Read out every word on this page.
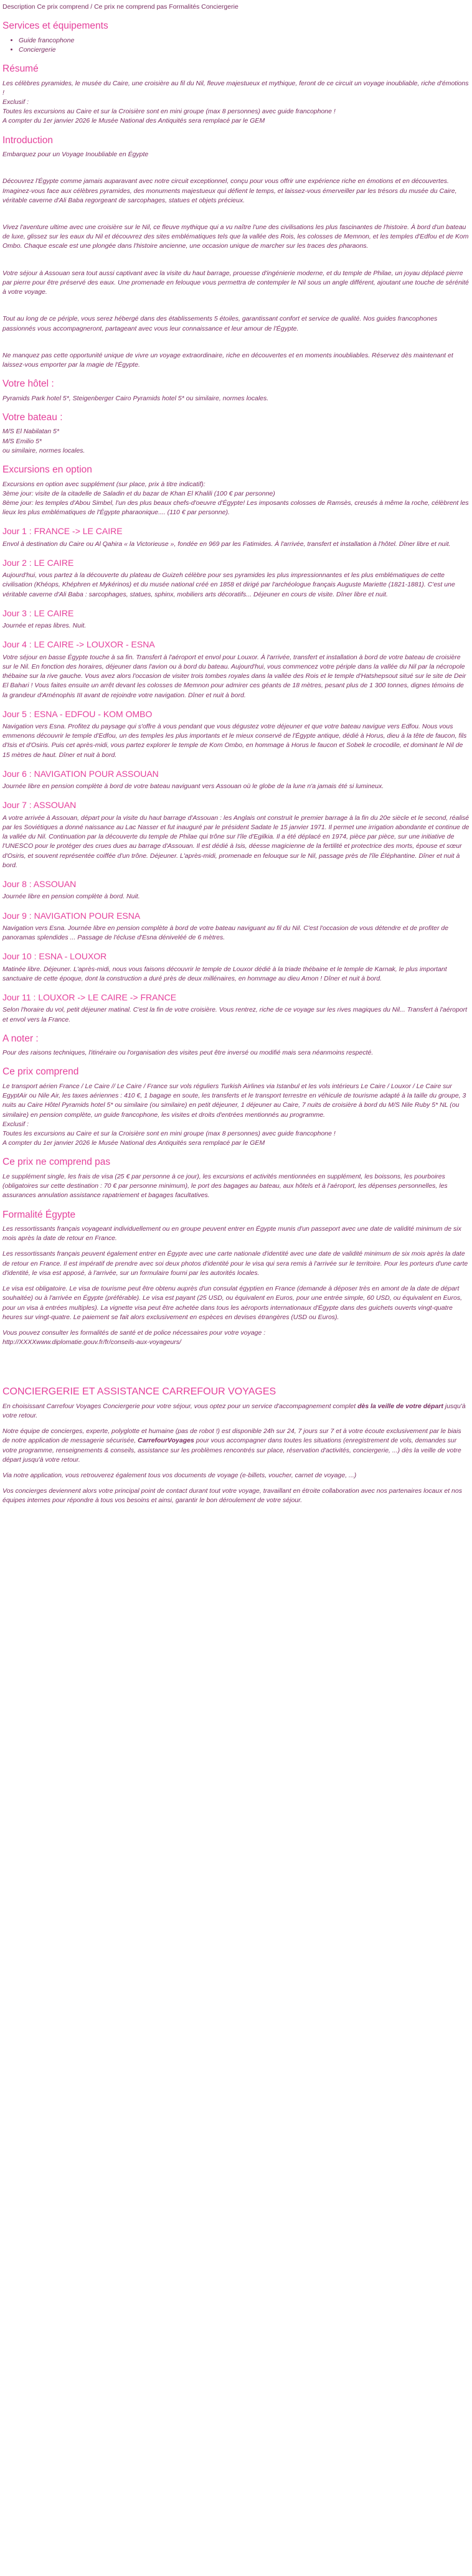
Description Ce prix comprend / Ce prix ne comprend pas Formalités Conciergerie
Services et équipements
• Guide francophone
• Conciergerie
Résumé

Les célèbres pyramides, le musée du Caire, une croisière au fil du Nil, fleuve majestueux et mythique, feront de ce circuit un voyage inoubliable, riche d'émotions !
Exclusif :
Toutes les excursions au Caire et sur la Croisière sont en mini groupe (max 8 personnes) avec guide francophone !
A compter du 1er janvier 2026 le Musée National des Antiquités sera remplacé par le GEM

Introduction

Embarquez pour un Voyage Inoubliable en Égypte

Découvrez l'Égypte comme jamais auparavant avec notre circuit exceptionnel, conçu pour vous offrir une expérience riche en émotions et en découvertes. Imaginez-vous face aux célèbres pyramides, des monuments majestueux qui défient le temps, et laissez-vous émerveiller par les trésors du musée du Caire, véritable caverne d'Ali Baba regorgeant de sarcophages, statues et objets précieux.

Vivez l'aventure ultime avec une croisière sur le Nil, ce fleuve mythique qui a vu naître l'une des civilisations les plus fascinantes de l'histoire. À bord d'un bateau de luxe, glissez sur les eaux du Nil et découvrez des sites emblématiques tels que la vallée des Rois, les colosses de Memnon, et les temples d'Edfou et de Kom Ombo. Chaque escale est une plongée dans l'histoire ancienne, une occasion unique de marcher sur les traces des pharaons.

Votre séjour à Assouan sera tout aussi captivant avec la visite du haut barrage, prouesse d'ingénierie moderne, et du temple de Philae, un joyau déplacé pierre par pierre pour être préservé des eaux. Une promenade en felouque vous permettra de contempler le Nil sous un angle différent, ajoutant une touche de sérénité à votre voyage.

Tout au long de ce périple, vous serez hébergé dans des établissements 5 étoiles, garantissant confort et service de qualité. Nos guides francophones passionnés vous accompagneront, partageant avec vous leur connaissance et leur amour de l'Égypte.

Ne manquez pas cette opportunité unique de vivre un voyage extraordinaire, riche en découvertes et en moments inoubliables. Réservez dès maintenant et laissez-vous emporter par la magie de l'Égypte.

Votre hôtel :

Pyramids Park hotel 5*, Steigenberger Cairo Pyramids hotel 5* ou similaire, normes locales.

Votre bateau :

M/S El Nabilatan 5*
M/S Emilio 5*
ou similaire, normes locales.

Excursions en option

Excursions en option avec supplément (sur place, prix à titre indicatif):
3ème jour: visite de la citadelle de Saladin et du bazar de Khan El Khalili (100 € par personne)
8ème jour: les temples d'Abou Simbel, l'un des plus beaux chefs-d'oeuvre d'Égypte! Les imposants colosses de Ramsès, creusés à même la roche, célèbrent les lieux les plus emblématiques de l'Égypte pharaonique.... (110 € par personne).

Jour 1 : FRANCE -> LE CAIRE

Envol à destination du Caire ou Al Qahira « la Victorieuse », fondée en 969 par les Fatimides. À l'arrivée, transfert et installation à l'hôtel. Dîner libre et nuit.

Jour 2 : LE CAIRE

Aujourd'hui, vous partez à la découverte du plateau de Guizeh célèbre pour ses pyramides les plus impressionnantes et les plus emblématiques de cette civilisation (Khéops, Khéphren et Mykérinos) et du musée national créé en 1858 et dirigé par l'archéologue français Auguste Mariette (1821-1881). C'est une véritable caverne d'Ali Baba : sarcophages, statues, sphinx, mobiliers arts décoratifs... Déjeuner en cours de visite. Dîner libre et nuit.

Jour 3 : LE CAIRE

Journée et repas libres. Nuit.

Jour 4 : LE CAIRE -> LOUXOR - ESNA

Votre séjour en basse Égypte touche à sa fin. Transfert à l'aéroport et envol pour Louxor. À l'arrivée, transfert et installation à bord de votre bateau de croisière sur le Nil. En fonction des horaires, déjeuner dans l'avion ou à bord du bateau. Aujourd'hui, vous commencez votre périple dans la vallée du Nil par la nécropole thébaine sur la rive gauche. Vous avez alors l'occasion de visiter trois tombes royales dans la vallée des Rois et le temple d'Hatshepsout situé sur le site de Deir El Bahari ! Vous faites ensuite un arrêt devant les colosses de Memnon pour admirer ces géants de 18 mètres, pesant plus de 1 300 tonnes, dignes témoins de la grandeur d'Aménophis III avant de rejoindre votre navigation. Dîner et nuit à bord.

Jour 5 : ESNA - EDFOU - KOM OMBO

Navigation vers Esna. Profitez du paysage qui s'offre à vous pendant que vous dégustez votre déjeuner et que votre bateau navigue vers Edfou. Nous vous emmenons découvrir le temple d'Edfou, un des temples les plus importants et le mieux conservé de l'Égypte antique, dédié à Horus, dieu à la tête de faucon, fils d'Isis et d'Osiris. Puis cet après-midi, vous partez explorer le temple de Kom Ombo, en hommage à Horus le faucon et Sobek le crocodile, et dominant le Nil de 15 mètres de haut. Dîner et nuit à bord.

Jour 6 : NAVIGATION POUR ASSOUAN

Journée libre en pension complète à bord de votre bateau naviguant vers Assouan où le globe de la lune n'a jamais été si lumineux.

Jour 7 : ASSOUAN

A votre arrivée à Assouan, départ pour la visite du haut barrage d'Assouan : les Anglais ont construit le premier barrage à la fin du 20e siècle et le second, réalisé par les Soviétiques a donné naissance au Lac Nasser et fut inauguré par le président Sadate le 15 janvier 1971. Il permet une irrigation abondante et continue de la vallée du Nil. Continuation par la découverte du temple de Philae qui trône sur l'île d'Egilkia. Il a été déplacé en 1974, pièce par pièce, sur une initiative de l'UNESCO pour le protéger des crues dues au barrage d'Assouan. Il est dédié à Isis, déesse magicienne de la fertilité et protectrice des morts, épouse et sœur d'Osiris, et souvent représentée coiffée d'un trône. Déjeuner. L'après-midi, promenade en felouque sur le Nil, passage près de l'île Éléphantine. Dîner et nuit à bord.

Jour 8 : ASSOUAN

Journée libre en pension complète à bord. Nuit.

Jour 9 : NAVIGATION POUR ESNA

Navigation vers Esna. Journée libre en pension complète à bord de votre bateau naviguant au fil du Nil. C'est l'occasion de vous détendre et de profiter de panoramas splendides ... Passage de l'écluse d'Esna déniveléé de 6 mètres.

Jour 10 : ESNA - LOUXOR

Matinée libre. Déjeuner. L'après-midi, nous vous faisons découvrir le temple de Louxor dédié à la triade thébaine et le temple de Karnak, le plus important sanctuaire de cette époque, dont la construction a duré près de deux millénaires, en hommage au dieu Amon ! Dîner et nuit à bord.

Jour 11 : LOUXOR -> LE CAIRE -> FRANCE

Selon l'horaire du vol, petit déjeuner matinal. C'est la fin de votre croisière. Vous rentrez, riche de ce voyage sur les rives magiques du Nil... Transfert à l'aéroport et envol vers la France.

A noter :

Pour des raisons techniques, l'itinéraire ou l'organisation des visites peut être inversé ou modifié mais sera néanmoins respecté.

Ce prix comprend

Le transport aérien France / Le Caire // Le Caire / France sur vols réguliers Turkish Airlines via Istanbul et les vols intérieurs Le Caire / Louxor / Le Caire sur EgyptAir ou Nile Air, les taxes aériennes : 410 €, 1 bagage en soute, les transferts et le transport terrestre en véhicule de tourisme adapté à la taille du groupe, 3 nuits au Caire Hôtel Pyramids hotel 5* ou similaire (ou similaire) en petit déjeuner, 1 déjeuner au Caire, 7 nuits de croisière à bord du M/S Nile Ruby 5* NL (ou similaire) en pension complète, un guide francophone, les visites et droits d'entrées mentionnés au programme.
Exclusif :
Toutes les excursions au Caire et sur la Croisière sont en mini groupe (max 8 personnes) avec guide francophone !
A compter du 1er janvier 2026 le Musée National des Antiquités sera remplacé par le GEM

Ce prix ne comprend pas

Le supplément single, les frais de visa (25 € par personne à ce jour), les excursions et activités mentionnées en supplément, les boissons, les pourboires (obligatoires sur cette destination : 70 € par personne minimum), le port des bagages au bateau, aux hôtels et à l'aéroport, les dépenses personnelles, les assurances annulation assistance rapatriement et bagages facultatives.

Formalité Égypte

Les ressortissants français voyageant individuellement ou en groupe peuvent entrer en Égypte munis d'un passeport avec une date de validité minimum de six mois après la date de retour en France.

Les ressortissants français peuvent également entrer en Égypte avec une carte nationale d'identité avec une date de validité minimum de six mois après la date de retour en France. Il est impératif de prendre avec soi deux photos d'identité pour le visa qui sera remis à l'arrivée sur le territoire. Pour les porteurs d'une carte d'identité, le visa est apposé, à l'arrivée, sur un formulaire fourni par les autorités locales.

Le visa est obligatoire. Le visa de tourisme peut être obtenu auprès d'un consulat égyptien en France (demande à déposer très en amont de la date de départ souhaitée) ou à l'arrivée en Égypte (préférable). Le visa est payant (25 USD, ou équivalent en Euros, pour une entrée simple, 60 USD, ou équivalent en Euros, pour un visa à entrées multiples). La vignette visa peut être achetée dans tous les aéroports internationaux d'Égypte dans des guichets ouverts vingt-quatre heures sur vingt-quatre. Le paiement se fait alors exclusivement en espèces en devises étrangères (USD ou Euros).

Vous pouvez consulter les formalités de santé et de police nécessaires pour votre voyage :
http://XXXXwww.diplomatie.gouv.fr/fr/conseils-aux-voyageurs/

CONCIERGERIE ET ASSISTANCE CARREFOUR VOYAGES

En choisissant Carrefour Voyages Conciergerie pour votre séjour, vous optez pour un service d'accompagnement complet dès la veille de votre départ jusqu'à votre retour.

Notre équipe de concierges, experte, polyglotte et humaine (pas de robot !) est disponible 24h sur 24, 7 jours sur 7 et à votre écoute exclusivement par le biais de notre application de messagerie sécurisée, CarrefourVoyages pour vous accompagner dans toutes les situations (enregistrement de vols, demandes sur votre programme, renseignements & conseils, assistance sur les problèmes rencontrés sur place, réservation d'activités, conciergerie, ...) dès la veille de votre départ jusqu'à votre retour.

Via notre application, vous retrouverez également tous vos documents de voyage (e-billets, voucher, carnet de voyage, ...)

Vos concierges deviennent alors votre principal point de contact durant tout votre voyage, travaillant en étroite collaboration avec nos partenaires locaux et nos équipes internes pour répondre à tous vos besoins et ainsi, garantir le bon déroulement de votre séjour.
